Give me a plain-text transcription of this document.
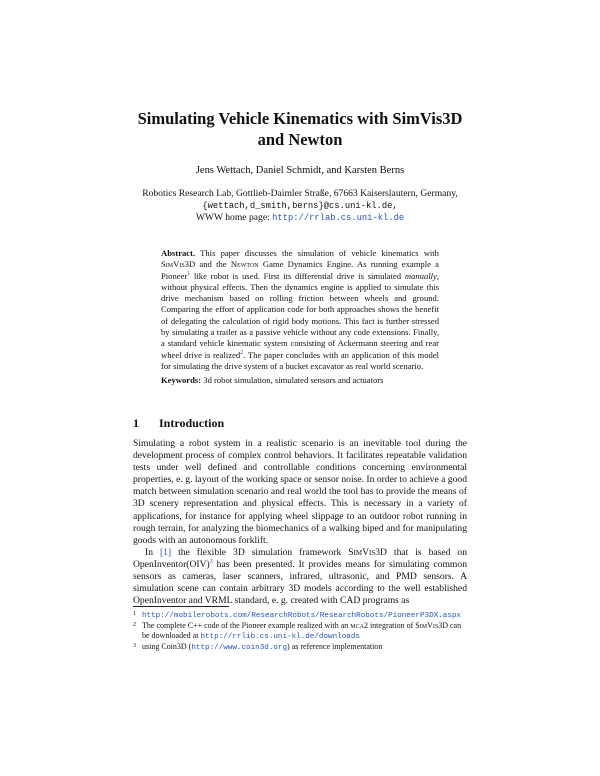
Simulating Vehicle Kinematics with SimVis3D
and Newton
Jens Wettach, Daniel Schmidt, and Karsten Berns
Robotics Research Lab, Gottlieb-Daimler Straße, 67663 Kaiserslautern, Germany,
{wettach,d_smith,berns}@cs.uni-kl.de,
WWW home page: http://rrlab.cs.uni-kl.de
Abstract. This paper discusses the simulation of vehicle kinematics with SimVis3D and the Newton Game Dynamics Engine. As running example a Pioneer$^1$ like robot is used. First its differential drive is simulated manually, without physical effects. Then the dynamics engine is applied to simulate this drive mechanism based on rolling friction between wheels and ground. Comparing the effort of application code for both approaches shows the benefit of delegating the calculation of rigid body motions. This fact is further stressed by simulating a trailer as a passive vehicle without any code extensions. Finally, a standard vehicle kinematic system consisting of Ackermann steering and rear wheel drive is realized$^2$. The paper concludes with an application of this model for simulating the drive system of a bucket excavator as real world scenario.
Keywords: 3d robot simulation, simulated sensors and actuators
1 Introduction

Simulating a robot system in a realistic scenario is an inevitable tool during the development process of complex control behaviors. It facilitates repeatable validation tests under well defined and controllable conditions concerning environmental properties, e. g. layout of the working space or sensor noise. In order to achieve a good match between simulation scenario and real world the tool has to provide the means of 3D scenery representation and physical effects. This is necessary in a variety of applications, for instance for applying wheel slippage to an outdoor robot running in rough terrain, for analyzing the biomechanics of a walking biped and for manipulating goods with an autonomous forklift.

In [1] the flexible 3D simulation framework SimVis3D that is based on OpenInventor(OIV)$^3$ has been presented. It provides means for simulating common sensors as cameras, laser scanners, infrared, ultrasonic, and PMD sensors. A simulation scene can contain arbitrary 3D models according to the well established OpenInventor and VRML standard, e. g. created with CAD programs as

1 http://mobilerobots.com/ResearchRobots/ResearchRobots/PioneerP3DX.aspx
2 The complete C++ code of the Pioneer example realized with an mca2 integration of SimVis3D can be downloaded at http://rrlib.cs.uni-kl.de/downloads
3 using Coin3D (http://www.coin3d.org) as reference implementation
